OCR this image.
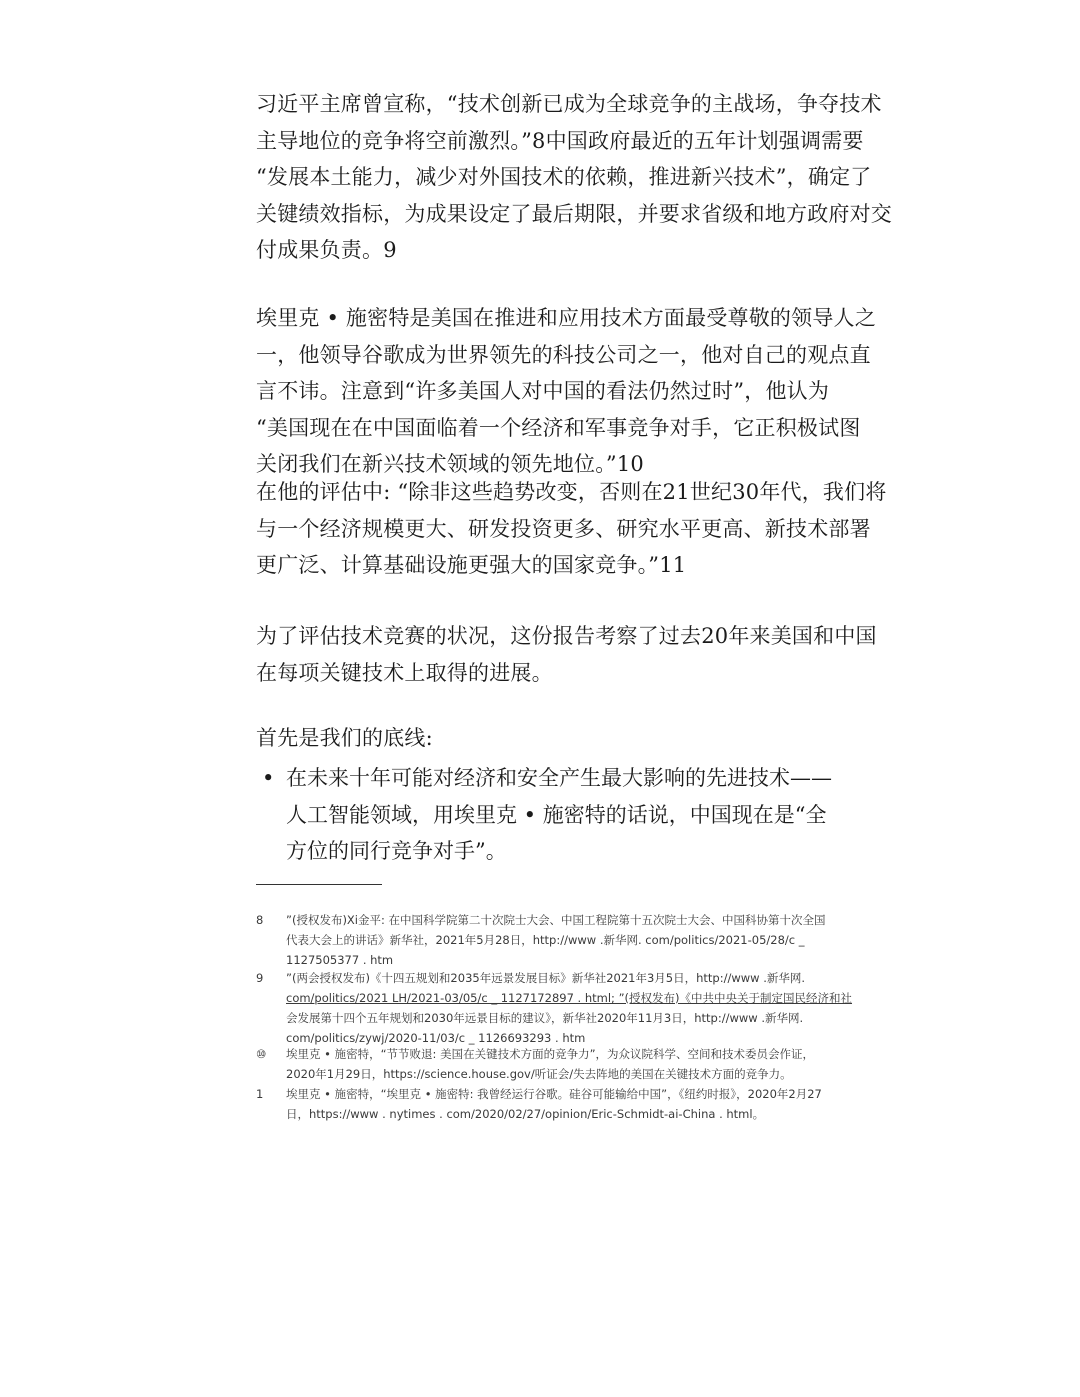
习近平主席曾宣称，“技术创新已成为全球竞争的主战场，争夺技术
主导地位的竞争将空前激烈。”8中国政府最近的五年计划强调需要
“发展本土能力，减少对外国技术的依赖，推进新兴技术”，确定了
关键绩效指标，为成果设定了最后期限，并要求省级和地方政府对交
付成果负责。9
埃里克 • 施密特是美国在推进和应用技术方面最受尊敬的领导人之
一，他领导谷歌成为世界领先的科技公司之一，他对自己的观点直
言不讳。注意到“许多美国人对中国的看法仍然过时”，他认为
“美国现在在中国面临着一个经济和军事竞争对手，它正积极试图
关闭我们在新兴技术领域的领先地位。”10
在他的评估中: “除非这些趋势改变，否则在21世纪30年代，我们将
与一个经济规模更大、研发投资更多、研究水平更高、新技术部署
更广泛、计算基础设施更强大的国家竞争。”11
为了评估技术竞赛的状况，这份报告考察了过去20年来美国和中国
在每项关键技术上取得的进展。
首先是我们的底线:
• 在未来十年可能对经济和安全产生最大影响的先进技术——
人工智能领域，用埃里克 • 施密特的话说，中国现在是“全
方位的同行竞争对手”。
8	”(授权发布)Xi金平: 在中国科学院第二十次院士大会、中国工程院第十五次院士大会、中国科协第十次全国
代表大会上的讲话》新华社，2021年5月28日，http://www .新华网. com/politics/2021-05/28/c _
1127505377 . htm
9	”(两会授权发布)《十四五规划和2035年远景发展目标》新华社2021年3月5日，http://www .新华网.
com/politics/2021 LH/2021-03/05/c _ 1127172897 . html; ”(授权发布)《中共中央关于制定国民经济和社
会发展第十四个五年规划和2030年远景目标的建议》，新华社2020年11月3日，http://www .新华网.
com/politics/zywj/2020-11/03/c _ 1126693293 . htm
⑩	埃里克 • 施密特，“节节败退: 美国在关键技术方面的竞争力”，为众议院科学、空间和技术委员会作证，
2020年1月29日，https://science.house.gov/听证会/失去阵地的美国在关键技术方面的竞争力。
1	埃里克 • 施密特，“埃里克 • 施密特: 我曾经运行谷歌。硅谷可能输给中国”，《纽约时报》，2020年2月27
日，https://www . nytimes . com/2020/02/27/opinion/Eric-Schmidt-ai-China . html。
